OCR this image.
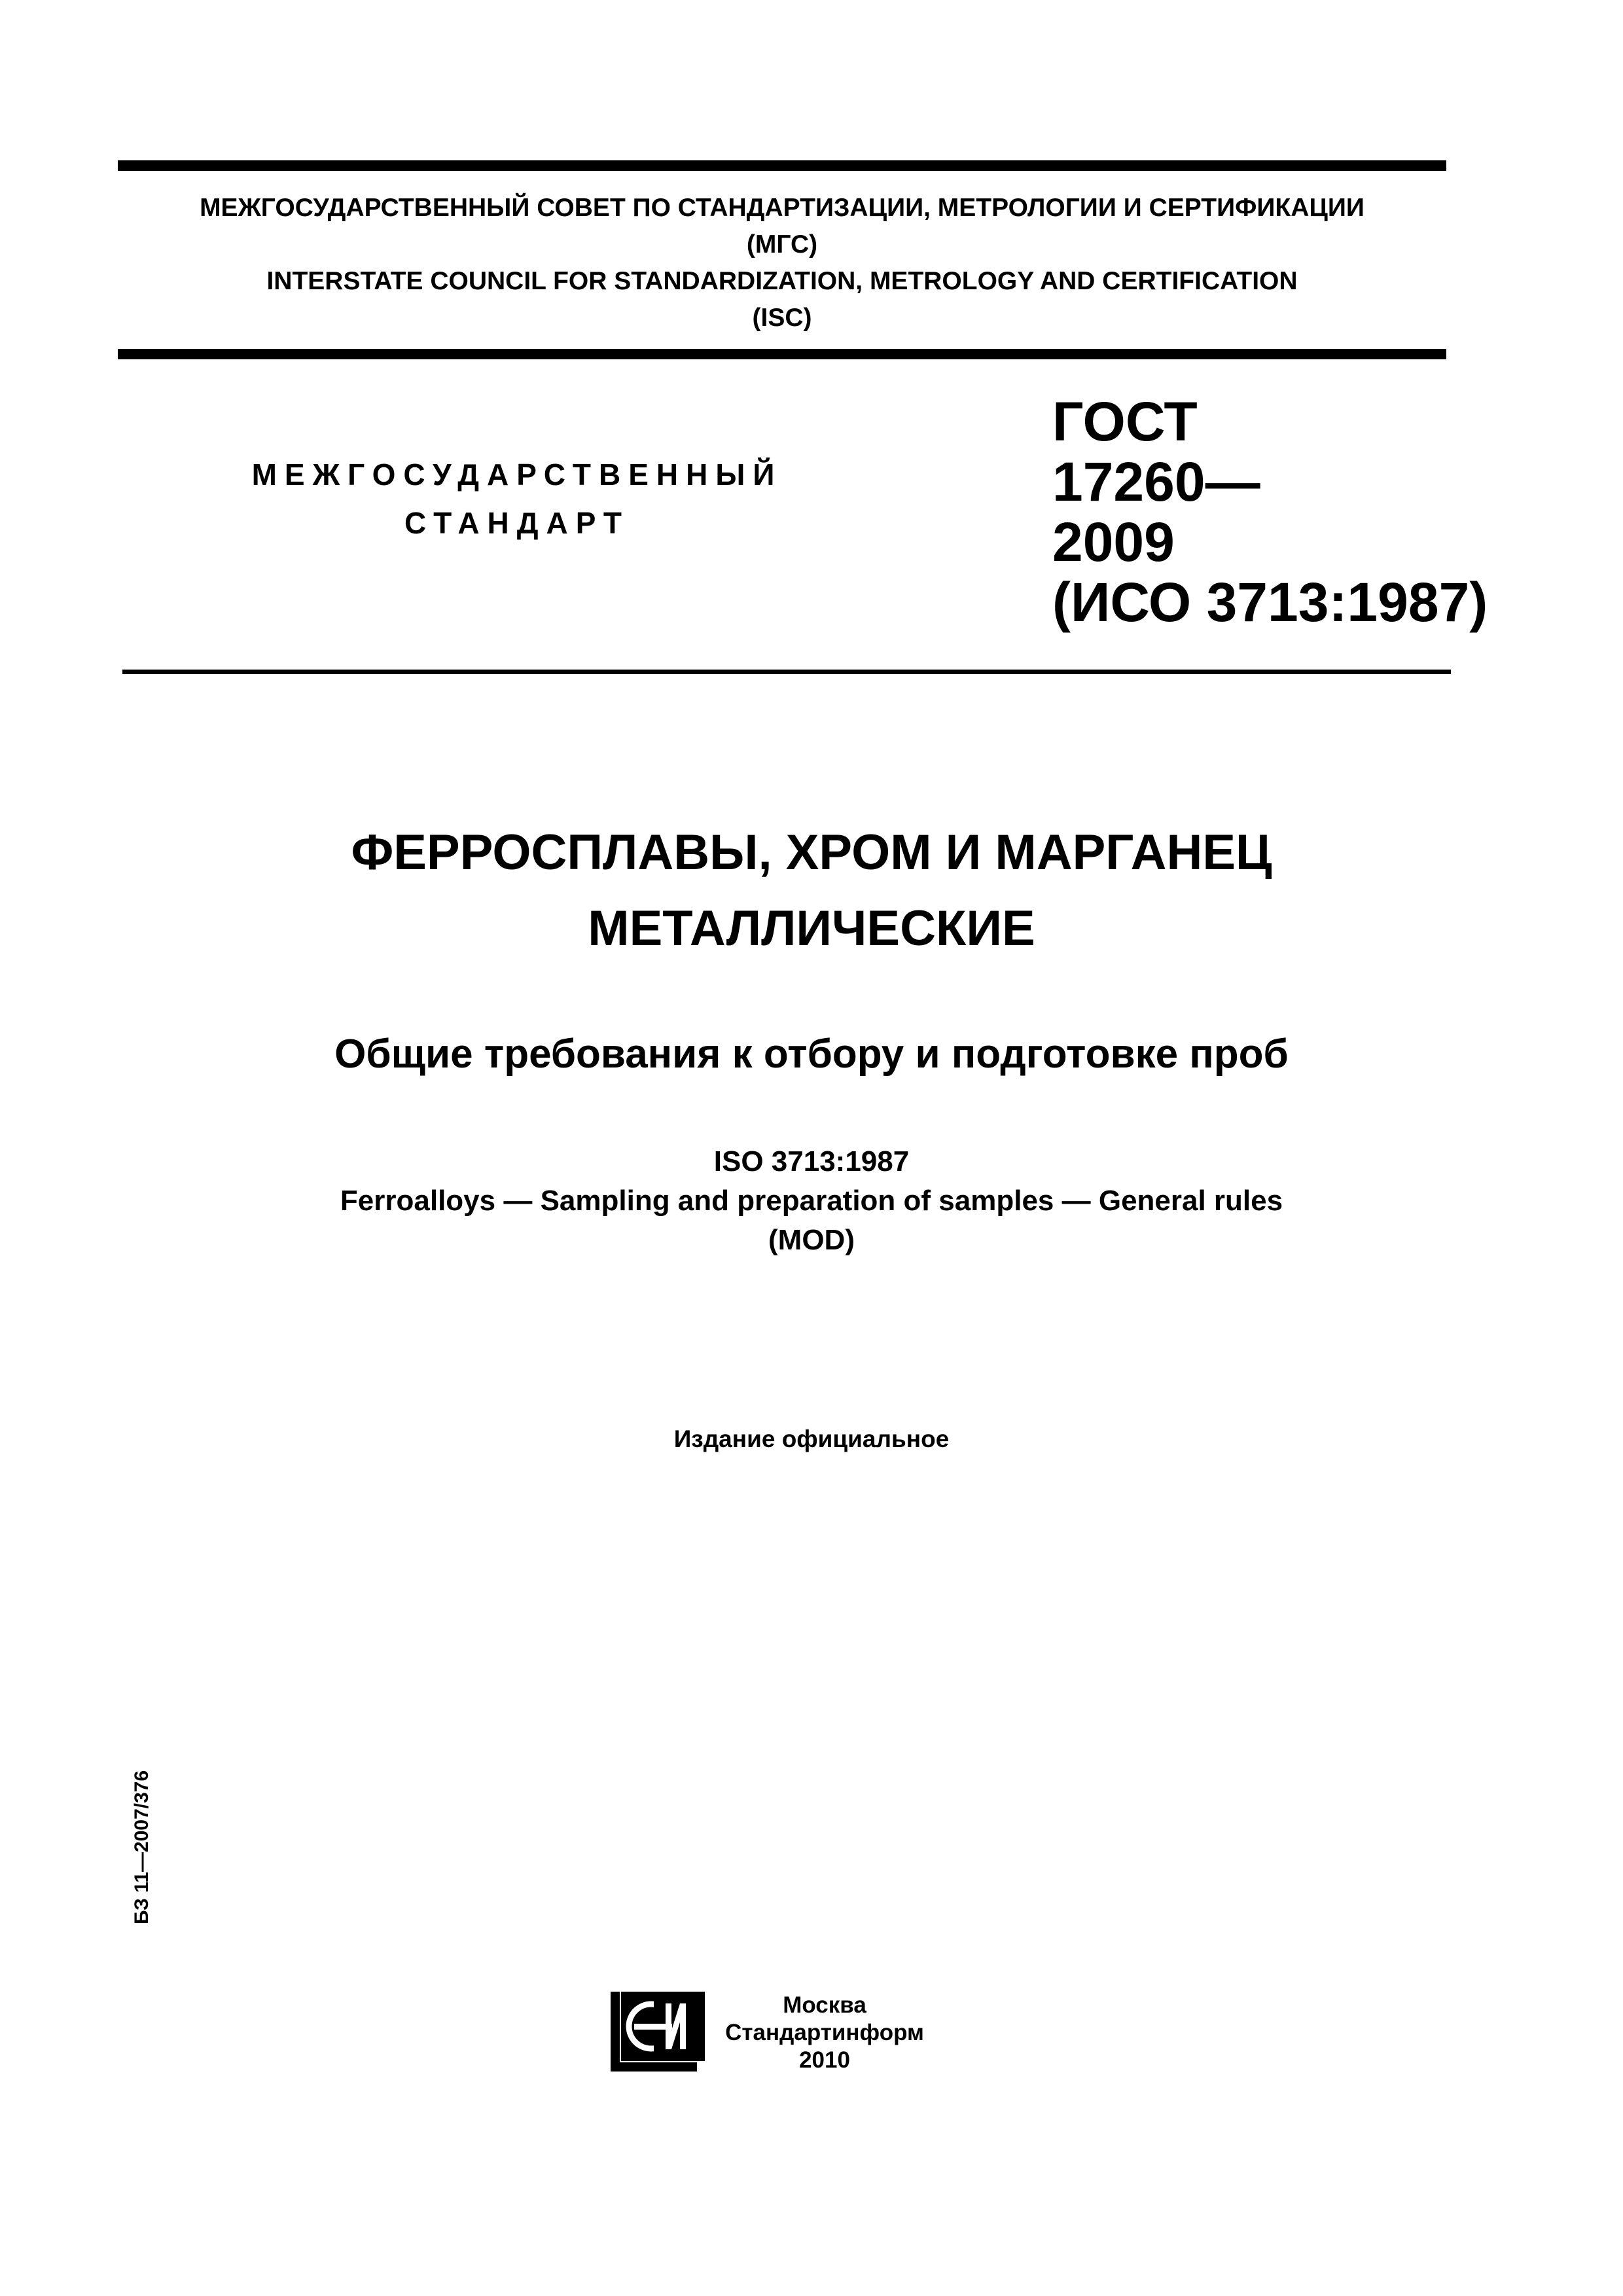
МЕЖГОСУДАРСТВЕННЫЙ СОВЕТ ПО СТАНДАРТИЗАЦИИ, МЕТРОЛОГИИ И СЕРТИФИКАЦИИ
(МГС)
INTERSTATE COUNCIL FOR STANDARDIZATION, METROLOGY AND CERTIFICATION
(ISC)
МЕЖГОСУДАРСТВЕННЫЙ
СТАНДАРТ
ГОСТ
17260—
2009
(ИСО 3713:1987)
ФЕРРОСПЛАВЫ, ХРОМ И МАРГАНЕЦ
МЕТАЛЛИЧЕСКИЕ
Общие требования к отбору и подготовке проб
ISO 3713:1987
Ferroalloys — Sampling and preparation of samples — General rules
(MOD)
Издание официальное
БЗ 11—2007/376
Москва
Стандартинформ
2010
